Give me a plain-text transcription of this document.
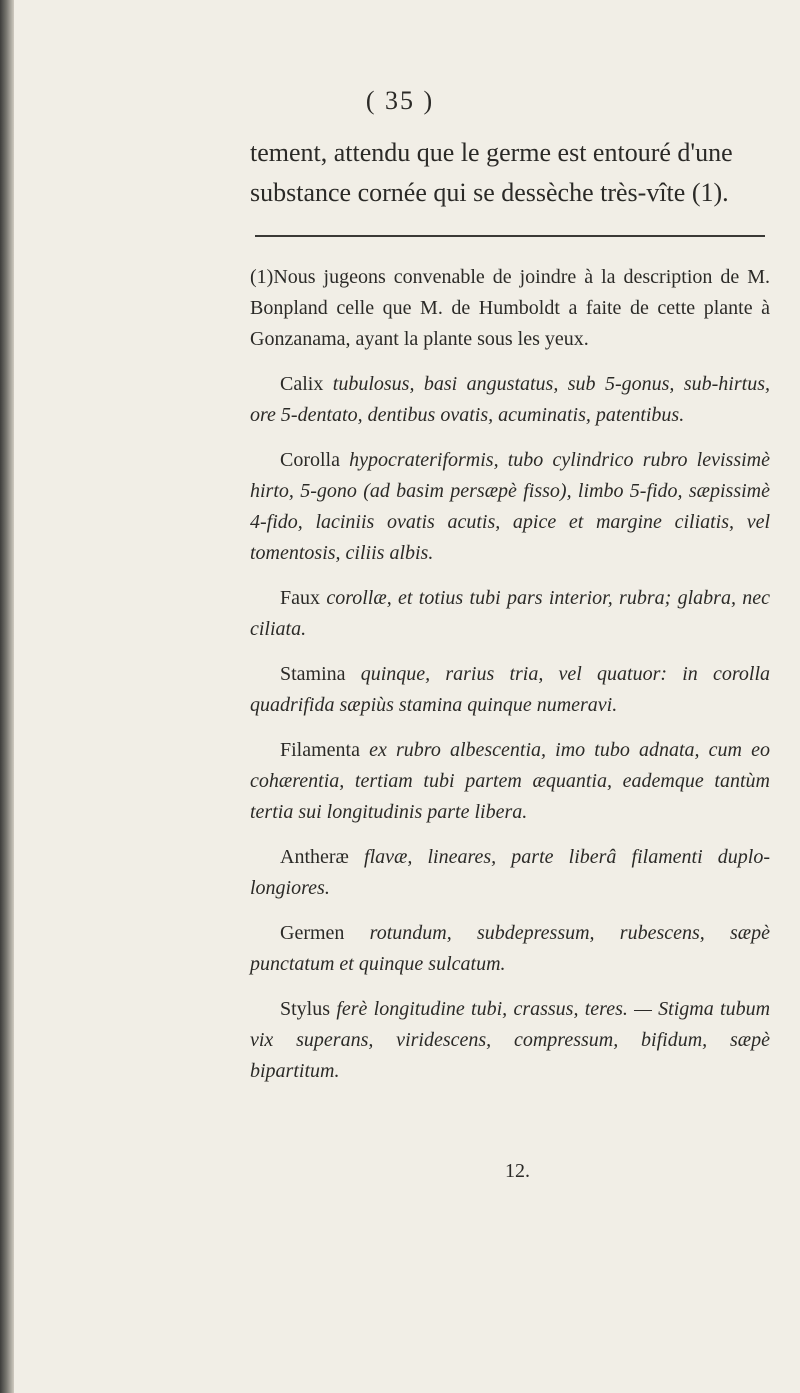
( 35 )
tement, attendu que le germe est entouré d'une
substance cornée qui se dessèche très-vîte (1).

(1)Nous jugeons convenable de joindre à la description de M. Bonpland celle que M. de Humboldt a faite de cette plante à Gonzanama, ayant la plante sous les yeux.

Calix tubulosus, basi angustatus, sub 5-gonus, sub-hirtus, ore 5-dentato, dentibus ovatis, acuminatis, patentibus.

Corolla hypocrateriformis, tubo cylindrico rubro levissimè hirto, 5-gono (ad basim persæpè fisso), limbo 5-fido, sæpissimè 4-fido, laciniis ovatis acutis, apice et margine ciliatis, vel tomentosis, ciliis albis.

Faux corollæ, et totius tubi pars interior, rubra; glabra, nec ciliata.

Stamina quinque, rarius tria, vel quatuor: in corolla quadrifida sæpiùs stamina quinque numeravi.

Filamenta ex rubro albescentia, imo tubo adnata, cum eo cohærentia, tertiam tubi partem æquantia, eademque tantùm tertia sui longitudinis parte libera.

Antheræ flavæ, lineares, parte liberâ filamenti duplo-longiores.

Germen rotundum, subdepressum, rubescens, sæpè punctatum et quinque sulcatum.

Stylus ferè longitudine tubi, crassus, teres. — Stigma tubum vix superans, viridescens, compressum, bifidum, sæpè bipartitum.

12.
